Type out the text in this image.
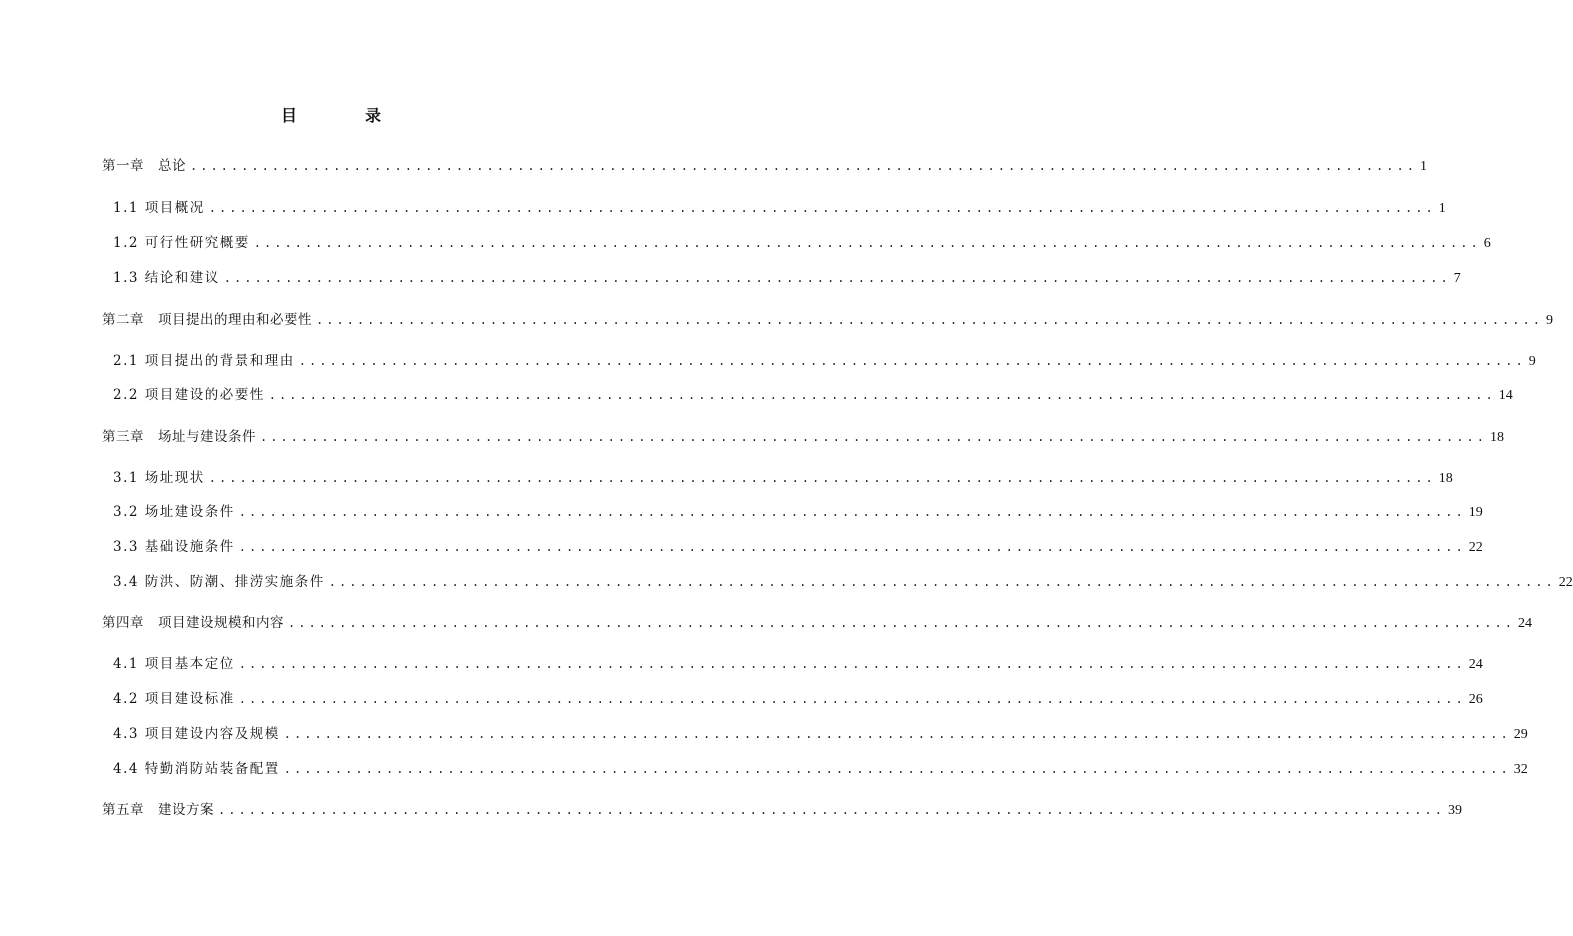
目　录
第一章　总论 ........................................................................................................................ 1
1.1 项目概况 ........................................................................................................................ 1
1.2 可行性研究概要 ........................................................................................................................ 6
1.3 结论和建议 ........................................................................................................................ 7
第二章　项目提出的理由和必要性 ........................................................................................................................ 9
2.1 项目提出的背景和理由 ........................................................................................................................ 9
2.2 项目建设的必要性 ........................................................................................................................ 14
第三章　场址与建设条件 ........................................................................................................................ 18
3.1 场址现状 ........................................................................................................................ 18
3.2 场址建设条件 ........................................................................................................................ 19
3.3 基础设施条件 ........................................................................................................................ 22
3.4 防洪、防潮、排涝实施条件 ........................................................................................................................ 22
第四章　项目建设规模和内容 ........................................................................................................................ 24
4.1 项目基本定位 ........................................................................................................................ 24
4.2 项目建设标准 ........................................................................................................................ 26
4.3 项目建设内容及规模 ........................................................................................................................ 29
4.4 特勤消防站装备配置 ........................................................................................................................ 32
第五章　建设方案 ........................................................................................................................ 39
